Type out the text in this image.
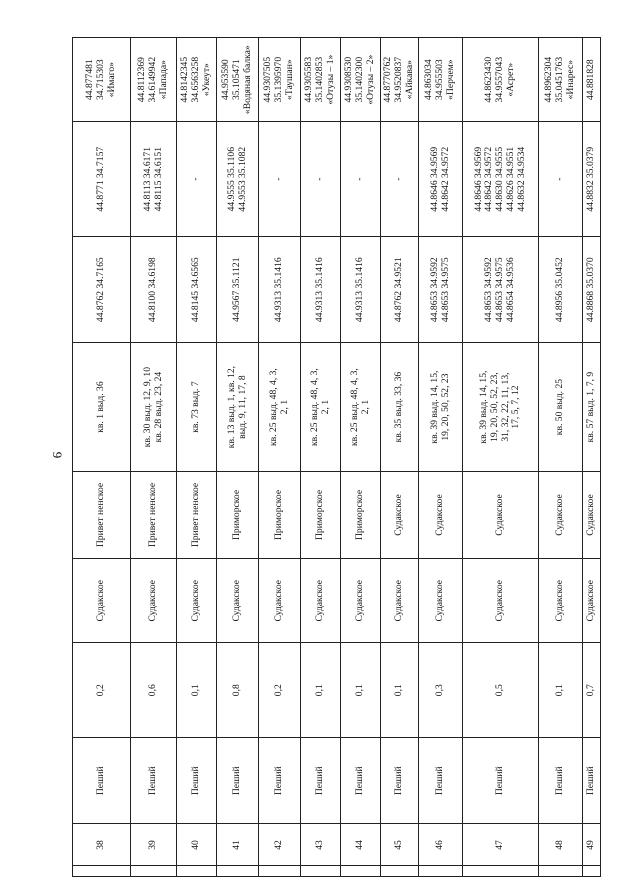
9
	38	Пеший	0,2	Судакское	Привет ненское	кв. 1 выд. 36	44.8762 34.7165	44.8771 34.7157	44.877481
34.715303
«Имаго»
	39	Пеший	0,6	Судакское	Привет ненское	кв. 30 выд. 12, 9, 10
кв. 28 выд. 23, 24	44.8100 34.6198	44.8113 34.6171
44.8115 34.6151	44.8112369
34.6149942
«Папада»
	40	Пеший	0,1	Судакское	Привет ненское	кв. 73 выд. 7	44.8145 34.6565	-	44.8142345
34.6563258
«Укеут»
	41	Пеший	0,8	Судакское	Приморское	кв. 13 выд. 1, кв. 12,
выд. 9, 11, 17, 8	44.9567 35.1121	44.9555 35.1106
44.9553 35.1082	44.953590
35.105471
«Водяная балка»
	42	Пеший	0,2	Судакское	Приморское	кв. 25 выд. 48, 4, 3,
2, 1	44.9313 35.1416	-	44.9307505
35.1395970
«Таушан»
	43	Пеший	0,1	Судакское	Приморское	кв. 25 выд. 48, 4, 3,
2, 1	44.9313 35.1416	-	44.9305583
35.1402853
«Отузы – 1»
	44	Пеший	0,1	Судакское	Приморское	кв. 25 выд. 48, 4, 3,
2, 1	44.9313 35.1416	-	44.9308530
35.1402300
«Отузы – 2»
	45	Пеший	0,1	Судакское	Судакское	кв. 35 выд. 33, 36	44.8762 34.9521	-	44.8770762
34.9520837
«Айкава»
	46	Пеший	0,3	Судакское	Судакское	кв. 39 выд. 14, 15,
19, 20, 50, 52, 23	44.8653 34.9592
44.8653 34.9575	44.8646 34.9569
44.8642 34.9572	44.863034
34.955503
«Перчем»
	47	Пеший	0,5	Судакское	Судакское	кв. 39 выд. 14, 15,
19, 20, 50, 52, 23,
31, 32, 22, 11, 13,
17, 5, 7, 12	44.8653 34.9592
44.8653 34.9575
44.8654 34.9536	44.8646 34.9569
44.8642 34.9572
44.8630 34.9555
44.8626 34.9551
44.8632 34.9534	44.8623430
34.9557043
«Асрет»
	48	Пеший	0,1	Судакское	Судакское	кв. 50 выд. 25	44.8956 35.0452	-	44.8962304
35.0451763
«Инарес»
	49	Пеший	0,7	Судакское	Судакское	кв. 57 выд. 1, 7, 9	44.8868 35.0370	44.8832 35.0379	44.881828
